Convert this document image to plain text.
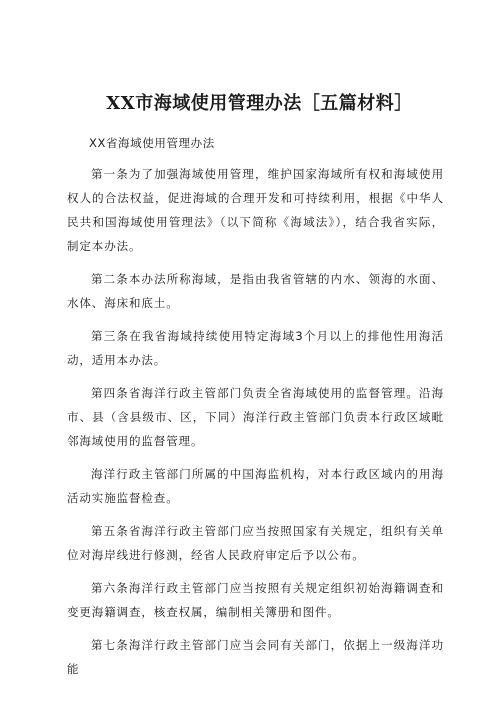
XX市海域使用管理办法［五篇材料］
XX省海域使用管理办法

第一条为了加强海域使用管理，维护国家海域所有权和海域使用权人的合法权益，促进海域的合理开发和可持续利用，根据《中华人民共和国海域使用管理法》（以下简称《海域法》），结合我省实际，制定本办法。

第二条本办法所称海域，是指由我省管辖的内水、领海的水面、水体、海床和底土。

第三条在我省海域持续使用特定海域3个月以上的排他性用海活动，适用本办法。

第四条省海洋行政主管部门负责全省海域使用的监督管理。沿海市、县（含县级市、区，下同）海洋行政主管部门负责本行政区域毗邻海域使用的监督管理。

海洋行政主管部门所属的中国海监机构，对本行政区域内的用海活动实施监督检查。

第五条省海洋行政主管部门应当按照国家有关规定，组织有关单位对海岸线进行修测，经省人民政府审定后予以公布。

第六条海洋行政主管部门应当按照有关规定组织初始海籍调查和变更海籍调查，核查权属，编制相关簿册和图件。

第七条海洋行政主管部门应当会同有关部门，依据上一级海洋功能
